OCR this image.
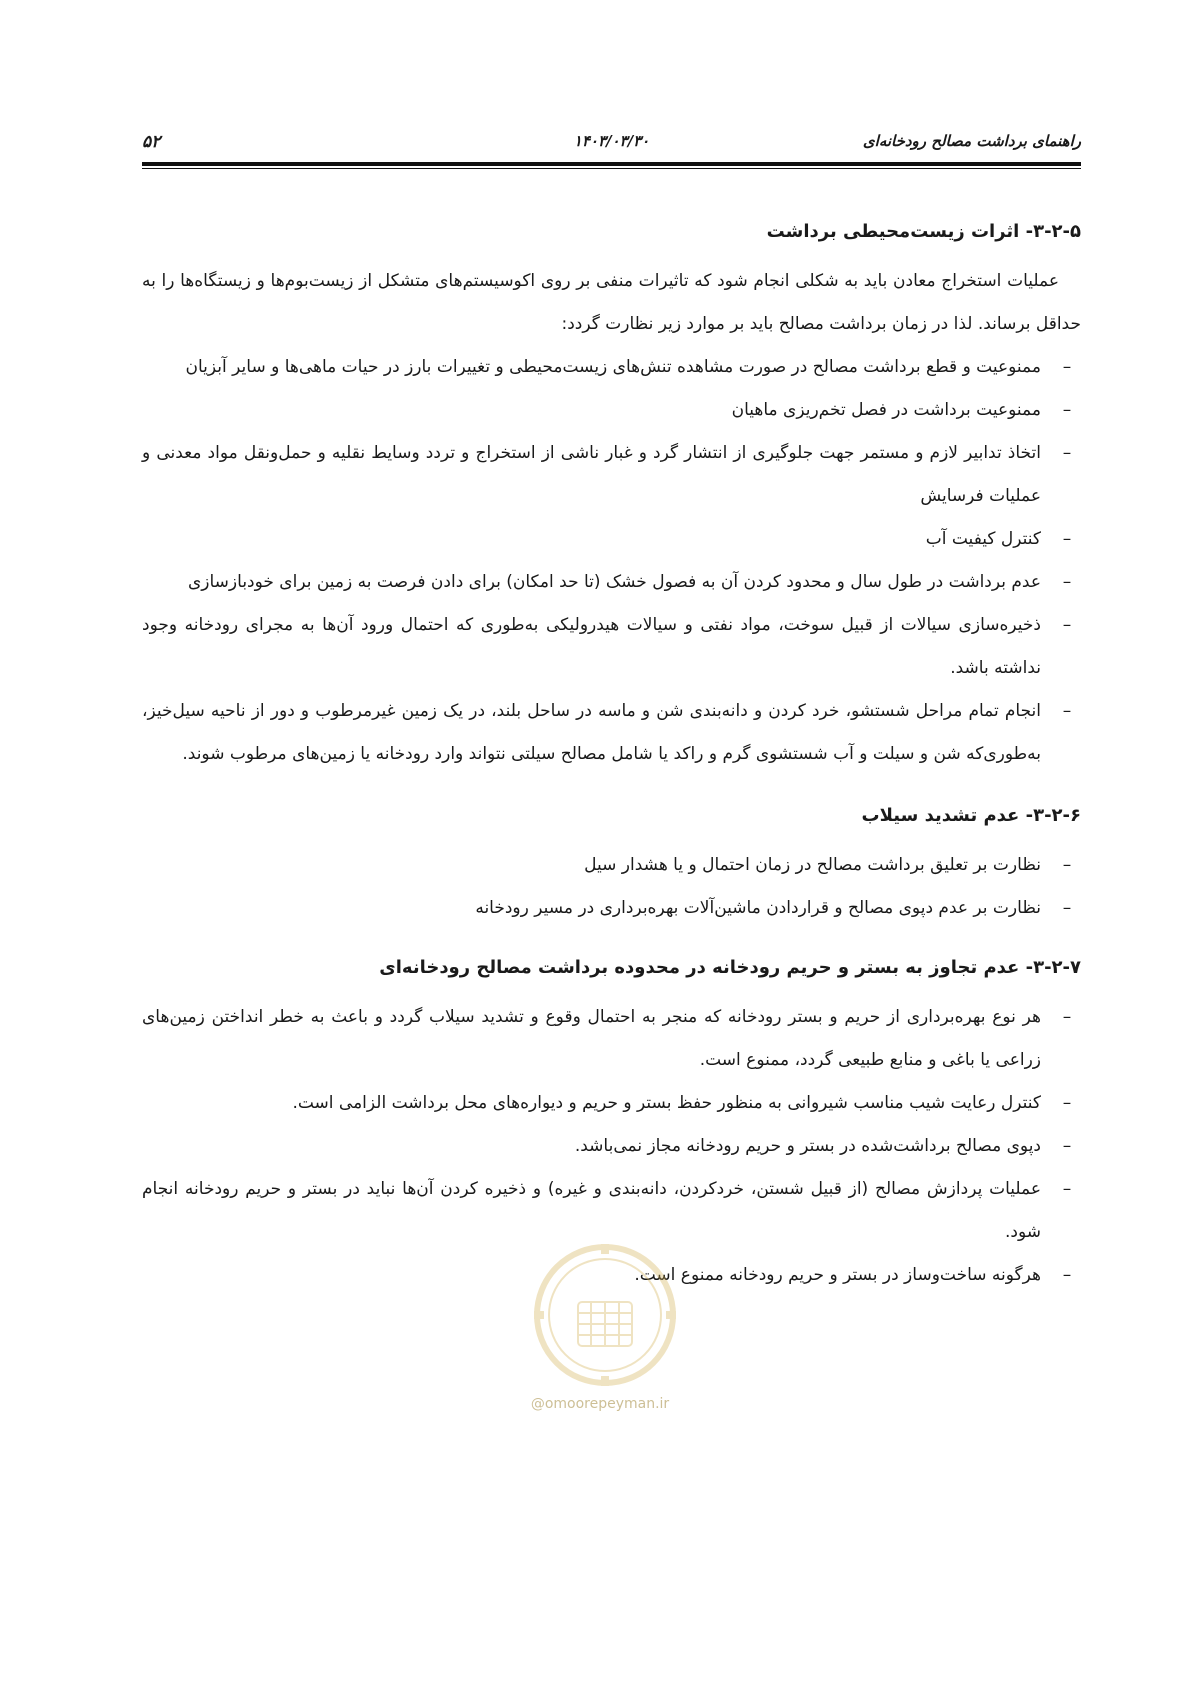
راهنمای برداشت مصالح رودخانه‌ای
۱۴۰۳/۰۳/۳۰
۵۲
۳-۲-۵- اثرات زیست‌محیطی برداشت

عملیات استخراج معادن باید به شکلی انجام شود که تاثیرات منفی بر روی اکوسیستم‌های متشکل از زیست‌بوم‌ها و زیستگاه‌ها را به حداقل برساند. لذا در زمان برداشت مصالح باید بر موارد زیر نظارت گردد:

–
ممنوعیت و قطع برداشت مصالح در صورت مشاهده تنش‌های زیست‌محیطی و تغییرات بارز در حیات ماهی‌ها و سایر آبزیان
–
ممنوعیت برداشت در فصل تخم‌ریزی ماهیان
–
اتخاذ تدابیر لازم و مستمر جهت جلوگیری از انتشار گرد و غبار ناشی از استخراج و تردد وسایط نقلیه و حمل‌ونقل مواد معدنی و عملیات فرسایش
–
کنترل کیفیت آب
–
عدم برداشت در طول سال و محدود کردن آن به فصول خشک (تا حد امکان) برای دادن فرصت به زمین برای خودبازسازی
–
ذخیره‌سازی سیالات از قبیل سوخت، مواد نفتی و سیالات هیدرولیکی به‌طوری که احتمال ورود آن‌ها به مجرای رودخانه وجود نداشته باشد.
–
انجام تمام مراحل شستشو، خرد کردن و دانه‌بندی شن و ماسه در ساحل بلند، در یک زمین غیرمرطوب و دور از ناحیه سیل‌خیز، به‌طوری‌که شن و سیلت و آب شستشوی گرم و راکد یا شامل مصالح سیلتی نتواند وارد رودخانه یا زمین‌های مرطوب شوند.
۳-۲-۶- عدم تشدید سیلاب
–
نظارت بر تعلیق برداشت مصالح در زمان احتمال و یا هشدار سیل
–
نظارت بر عدم دپوی مصالح و قراردادن ماشین‌آلات بهره‌برداری در مسیر رودخانه
۳-۲-۷- عدم تجاوز به بستر و حریم رودخانه در محدوده برداشت مصالح رودخانه‌ای
–
هر نوع بهره‌برداری از حریم و بستر رودخانه که منجر به احتمال وقوع و تشدید سیلاب گردد و باعث به خطر انداختن زمین‌های زراعی یا باغی و منابع طبیعی گردد، ممنوع است.
–
کنترل رعایت شیب مناسب شیروانی به منظور حفظ بستر و حریم و دیواره‌های محل برداشت الزامی است.
–
دپوی مصالح برداشت‌شده در بستر و حریم رودخانه مجاز نمی‌باشد.
–
عملیات پردازش مصالح (از قبیل شستن، خردکردن، دانه‌بندی و غیره) و ذخیره کردن آن‌ها نباید در بستر و حریم رودخانه انجام شود.
–
هرگونه ساخت‌وساز در بستر و حریم رودخانه ممنوع است.
@omoorepeyman.ir
